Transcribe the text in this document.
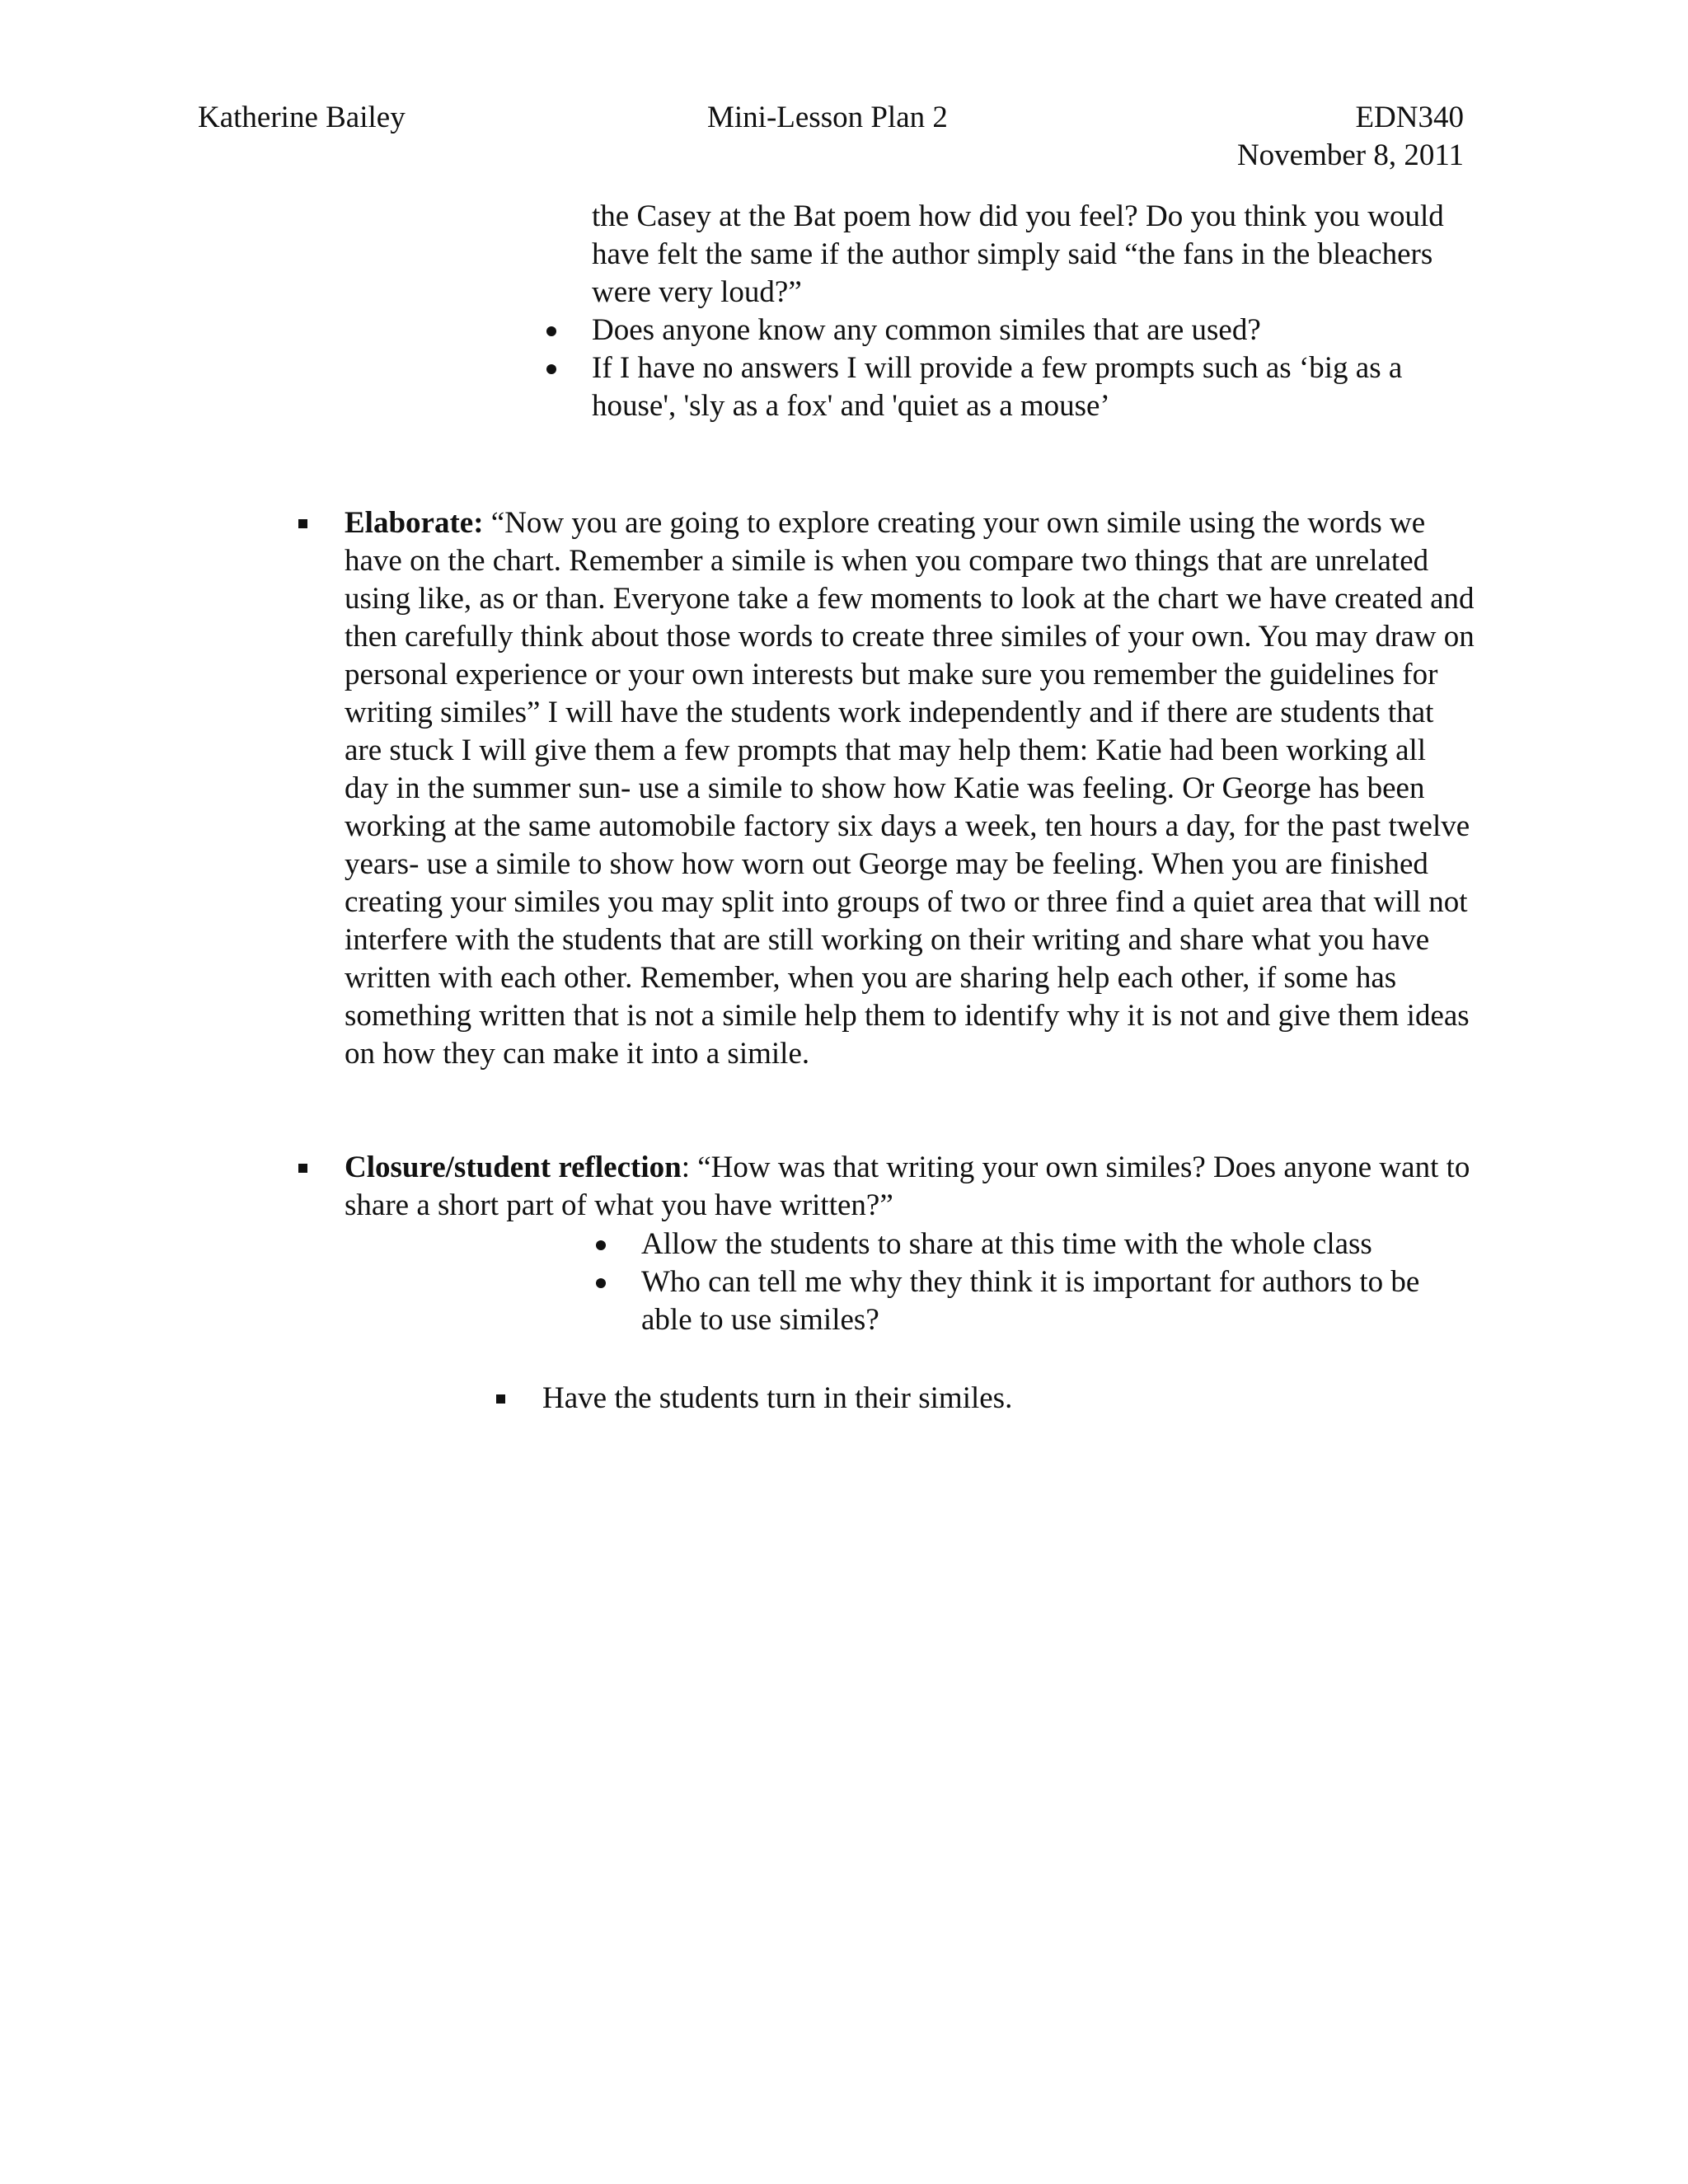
Katherine Bailey	Mini-Lesson Plan 2	EDN340
November 8, 2011
the Casey at the Bat poem how did you feel? Do you think you would have felt the same if the author simply said “the fans in the bleachers were very loud?”
Does anyone know any common similes that are used?
If I have no answers I will provide a few prompts such as ‘big as a house', 'sly as a fox' and 'quiet as a mouse’
Elaborate: “Now you are going to explore creating your own simile using the words we have on the chart. Remember a simile is when you compare two things that are unrelated using like, as or than. Everyone take a few moments to look at the chart we have created and then carefully think about those words to create three similes of your own. You may draw on personal experience or your own interests but make sure you remember the guidelines for writing similes” I will have the students work independently and if there are students that are stuck I will give them a few prompts that may help them: Katie had been working all day in the summer sun- use a simile to show how Katie was feeling. Or George has been working at the same automobile factory six days a week, ten hours a day, for the past twelve years- use a simile to show how worn out George may be feeling. When you are finished creating your similes you may split into groups of two or three find a quiet area that will not interfere with the students that are still working on their writing and share what you have written with each other. Remember, when you are sharing help each other, if some has something written that is not a simile help them to identify why it is not and give them ideas on how they can make it into a simile.
Closure/student reflection: “How was that writing your own similes? Does anyone want to share a short part of what you have written?”
Allow the students to share at this time with the whole class
Who can tell me why they think it is important for authors to be able to use similes?
Have the students turn in their similes.
